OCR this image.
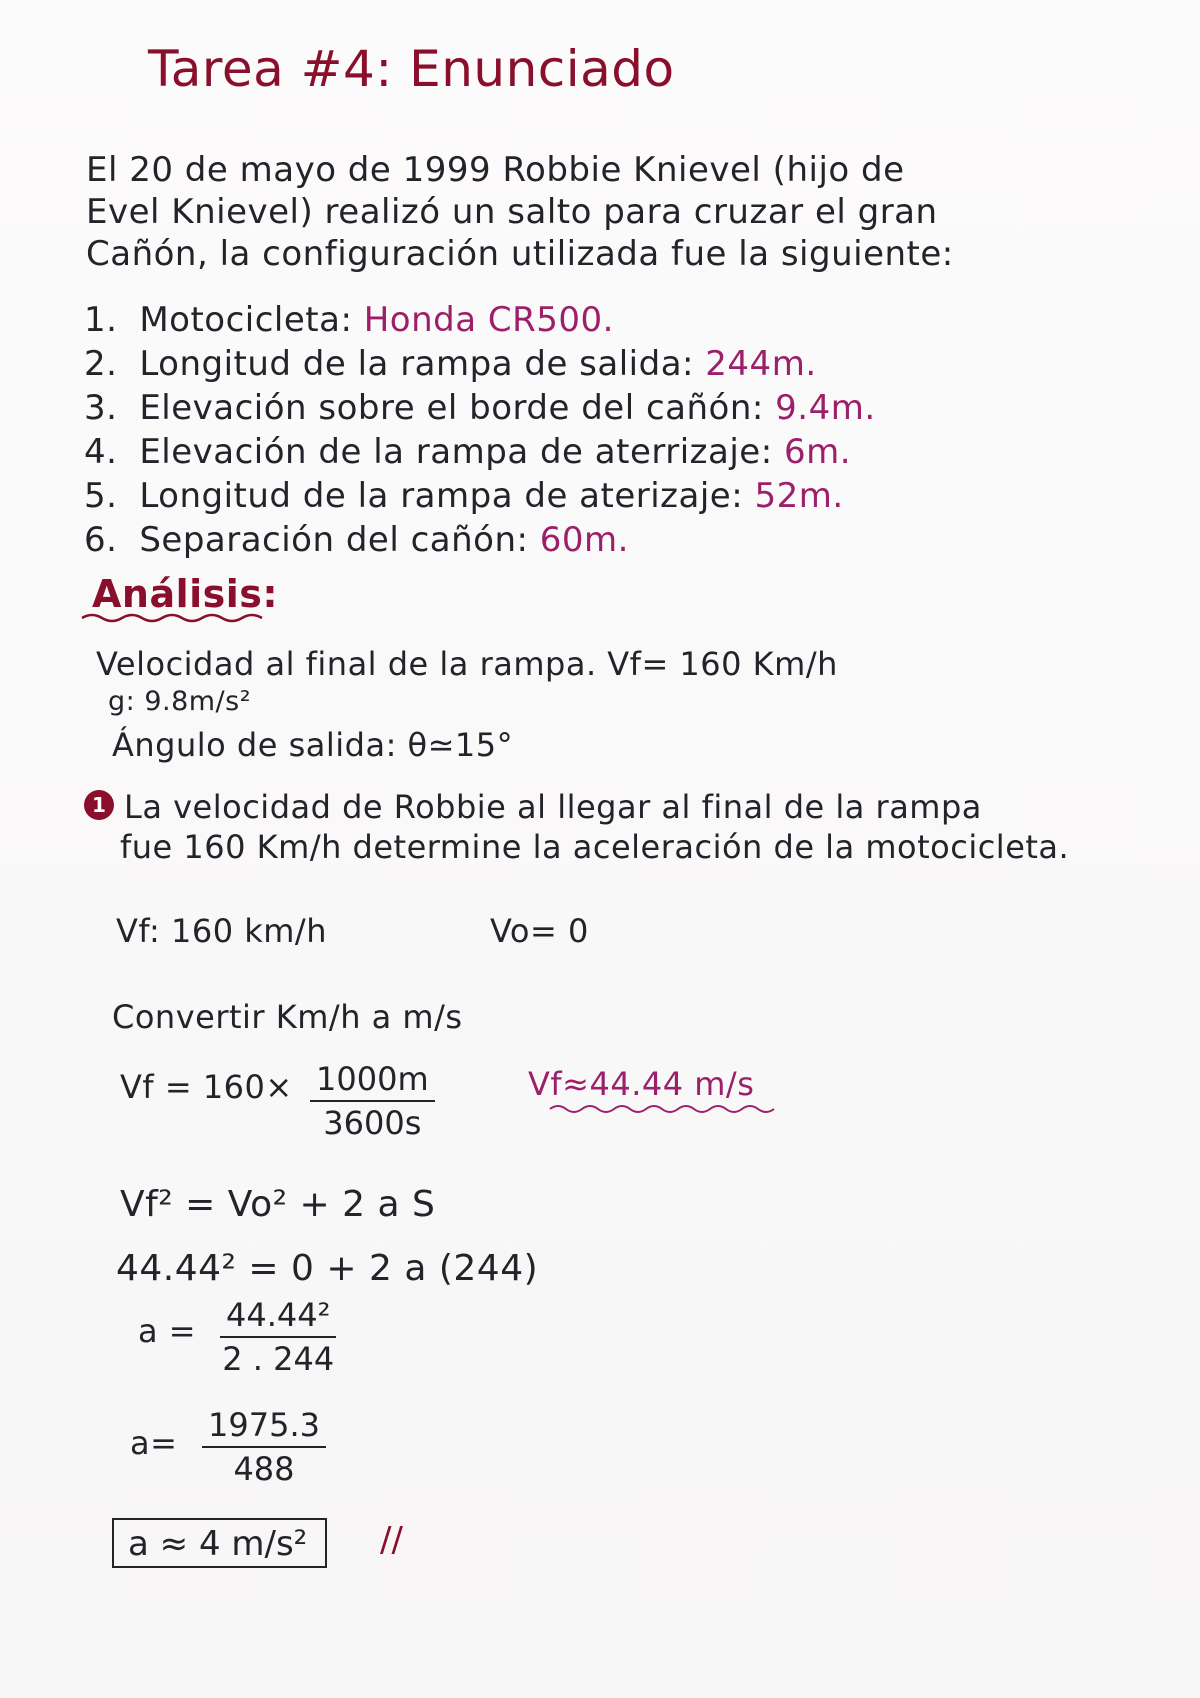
Tarea #4: Enunciado
El 20 de mayo de 1999 Robbie Knievel (hijo de
Evel Knievel) realizó un salto para cruzar el gran
Cañón, la configuración utilizada fue la siguiente:
1. Motocicleta: Honda CR500.
2. Longitud de la rampa de salida: 244m.
3. Elevación sobre el borde del cañón: 9.4m.
4. Elevación de la rampa de aterrizaje: 6m.
5. Longitud de la rampa de aterizaje: 52m.
6. Separación del cañón: 60m.
Análisis:
Velocidad al final de la rampa. Vf= 160 Km/h
g: 9.8m/s²
Ángulo de salida: θ≃15°
1 La velocidad de Robbie al llegar al final de la rampa
fue 160 Km/h determine la aceleración de la motocicleta.
Vf: 160 km/h	Vo= 0
Convertir Km/h a m/s
$Vf = 160\times \frac{1000m}{3600s}$	Vf≈44.44 m/s
Vf² = Vo² + 2 a S
44.44² = 0 + 2 a (244)
$a = \frac{\text{44.44²}}{2 . 244}$
$a= \frac{1975.3}{488}$
a ≈ 4 m/s²	//
